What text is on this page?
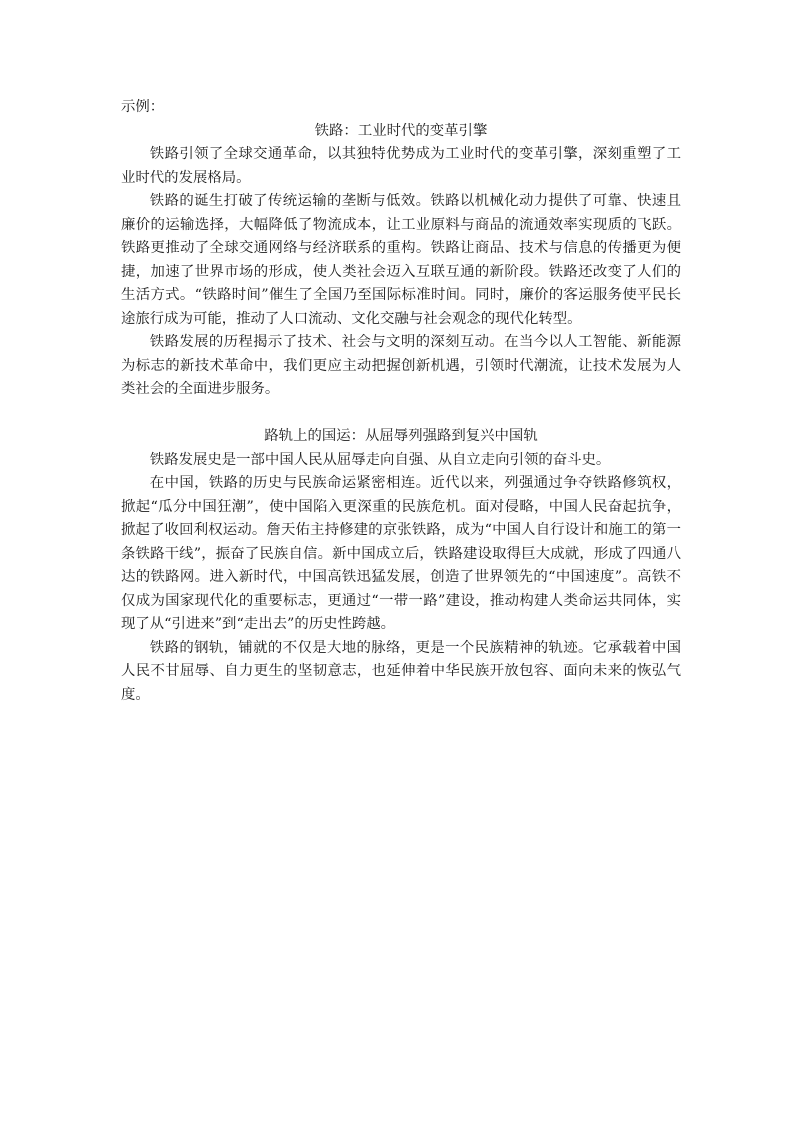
示例：

铁路：工业时代的变革引擎

铁路引领了全球交通革命，以其独特优势成为工业时代的变革引擎，深刻重塑了工业时代的发展格局。

铁路的诞生打破了传统运输的垄断与低效。铁路以机械化动力提供了可靠、快速且廉价的运输选择，大幅降低了物流成本，让工业原料与商品的流通效率实现质的飞跃。铁路更推动了全球交通网络与经济联系的重构。铁路让商品、技术与信息的传播更为便捷，加速了世界市场的形成，使人类社会迈入互联互通的新阶段。铁路还改变了人们的生活方式。“铁路时间”催生了全国乃至国际标准时间。同时，廉价的客运服务使平民长途旅行成为可能，推动了人口流动、文化交融与社会观念的现代化转型。

铁路发展的历程揭示了技术、社会与文明的深刻互动。在当今以人工智能、新能源为标志的新技术革命中，我们更应主动把握创新机遇，引领时代潮流，让技术发展为人类社会的全面进步服务。

路轨上的国运：从屈辱列强路到复兴中国轨

铁路发展史是一部中国人民从屈辱走向自强、从自立走向引领的奋斗史。

在中国，铁路的历史与民族命运紧密相连。近代以来，列强通过争夺铁路修筑权，掀起“瓜分中国狂潮”，使中国陷入更深重的民族危机。面对侵略，中国人民奋起抗争，掀起了收回利权运动。詹天佑主持修建的京张铁路，成为“中国人自行设计和施工的第一条铁路干线”，振奋了民族自信。新中国成立后，铁路建设取得巨大成就，形成了四通八达的铁路网。进入新时代，中国高铁迅猛发展，创造了世界领先的“中国速度”。高铁不仅成为国家现代化的重要标志，更通过“一带一路”建设，推动构建人类命运共同体，实现了从“引进来”到“走出去”的历史性跨越。

铁路的钢轨，铺就的不仅是大地的脉络，更是一个民族精神的轨迹。它承载着中国人民不甘屈辱、自力更生的坚韧意志，也延伸着中华民族开放包容、面向未来的恢弘气度。
